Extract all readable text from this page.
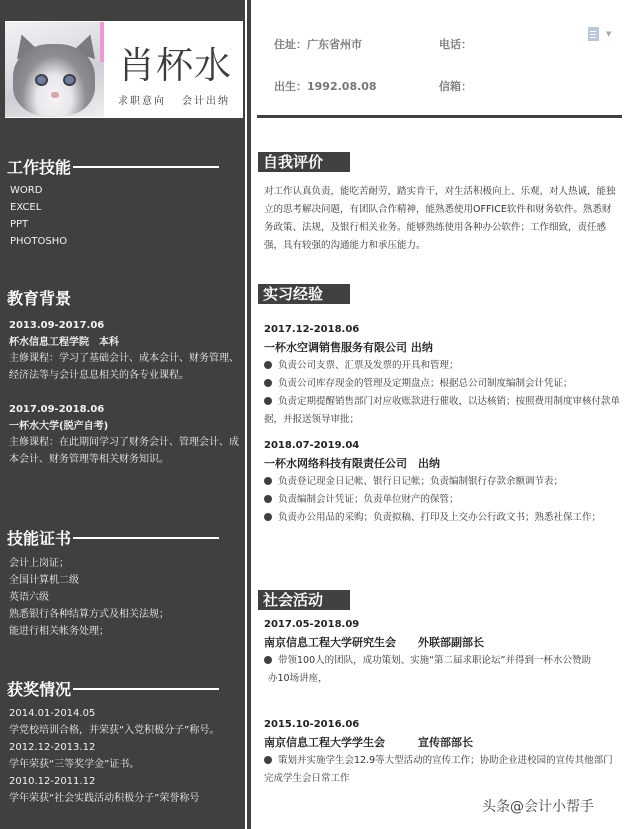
肖杯水
求职意向 会计出纳
工作技能
WORD
EXCEL
PPT
PHOTOSHO
教育背景
2013.09-2017.06
杯水信息工程学院　本科
主修课程：学习了基础会计、成本会计、财务管理、经济法等与会计息息相关的各专业课程。
2017.09-2018.06
一杯水大学(脱产自考)
主修课程：在此期间学习了财务会计、管理会计、成本会计、财务管理等相关财务知识。
技能证书
会计上岗证；
全国计算机二级
英语六级
熟悉银行各种结算方式及相关法规；
能进行相关帐务处理；
获奖情况
2014.01-2014.05
学党校培训合格，并荣获“入党积极分子”称号。
2012.12-2013.12
学年荣获“三等奖学金”证书。
2010.12-2011.12
学年荣获“社会实践活动积极分子”荣誉称号
住址：广东省州市	电话：
出生：1992.08.08	信箱：
▼
自我评价
对工作认真负责，能吃苦耐劳，踏实肯干，对生活积极向上、乐观，对人热诚，能独立的思考解决问题，有团队合作精神，能熟悉使用OFFICE软件和财务软件。熟悉财务政策、法规，及银行相关业务。能够熟练使用各种办公软件；工作细致，责任感强，具有较强的沟通能力和承压能力。
实习经验
2017.12-2018.06
一杯水空调销售服务有限公司 出纳
负责公司支票、汇票及发票的开具和管理；
负责公司库存现金的管理及定期盘点；根据总公司制度编制会计凭证；
负责定期提醒销售部门对应收账款进行催收，以达核销；按照费用制度审核付款单据，并报送领导审批；
2018.07-2019.04
一杯水网络科技有限责任公司　出纳
负责登记现金日记帐、银行日记帐；负责编制银行存款余额调节表；
负责编制会计凭证；负责单位财产的保管；
负责办公用品的采购；负责拟稿、打印及上交办公行政文书；熟悉社保工作；
社会活动
2017.05-2018.09
南京信息工程大学研究生会　　外联部副部长
带领100人的团队，成功策划、实施“第二届求职论坛”并得到一杯水公赞助
办10场讲座，
2015.10-2016.06
南京信息工程大学学生会　　　宣传部部长
策划并实施学生会12.9等大型活动的宣传工作；协助企业进校园的宣传其他部门完成学生会日常工作
头条@会计小帮手
